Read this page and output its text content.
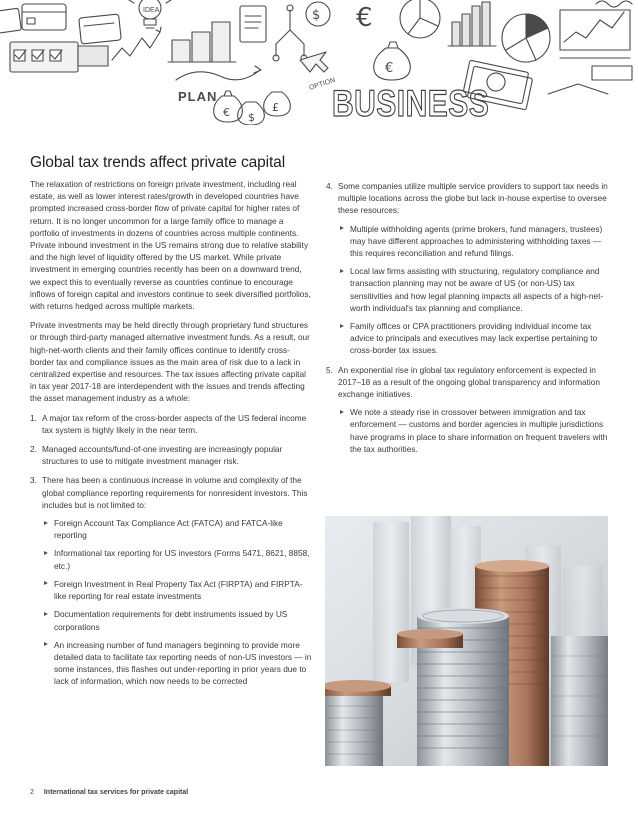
IDEA
PLAN
€ $
£
$
OPTION
€
€
BUSINESS
Global tax trends affect private capital

The relaxation of restrictions on foreign private investment, including real estate, as well as lower interest rates/growth in developed countries have prompted increased cross-border flow of private capital for higher rates of return. It is no longer uncommon for a large family office to manage a portfolio of investments in dozens of countries across multiple continents. Private inbound investment in the US remains strong due to relative stability and the high level of liquidity offered by the US market. While private investment in emerging countries recently has been on a downward trend, we expect this to eventually reverse as countries continue to encourage inflows of foreign capital and investors continue to seek diversified portfolios, with returns hedged across multiple markets.

Private investments may be held directly through proprietary fund structures or through third-party managed alternative investment funds. As a result, our high-net-worth clients and their family offices continue to identify cross-border tax and compliance issues as the main area of risk due to a lack in centralized expertise and resources. The tax issues affecting private capital in tax year 2017-18 are interdependent with the issues and trends affecting the asset management industry as a whole:

1. A major tax reform of the cross-border aspects of the US federal income tax system is highly likely in the near term.
2. Managed accounts/fund-of-one investing are increasingly popular structures to use to mitigate investment manager risk.
3. There has been a continuous increase in volume and complexity of the global compliance reporting requirements for nonresident investors. This includes but is not limited to:
Foreign Account Tax Compliance Act (FATCA) and FATCA-like reporting
Informational tax reporting for US investors (Forms 5471, 8621, 8858, etc.)
Foreign Investment in Real Property Tax Act (FIRPTA) and FIRPTA-like reporting for real estate investments
Documentation requirements for debt instruments issued by US corporations
An increasing number of fund managers beginning to provide more detailed data to facilitate tax reporting needs of non-US investors — in some instances, this flashes out under-reporting in prior years due to lack of information, which now needs to be corrected
4. Some companies utilize multiple service providers to support tax needs in multiple locations across the globe but lack in-house expertise to oversee these resources:
Multiple withholding agents (prime brokers, fund managers, trustees) may have different approaches to administering withholding taxes — this requires reconciliation and refund filings.
Local law firms assisting with structuring, regulatory compliance and transaction planning may not be aware of US (or non-US) tax sensitivities and how legal planning impacts all aspects of a high-net-worth individual's tax planning and compliance.
Family offices or CPA practitioners providing individual income tax advice to principals and executives may lack expertise pertaining to cross-border tax issues.
5. An exponential rise in global tax regulatory enforcement is expected in 2017–18 as a result of the ongoing global transparency and information exchange initiatives.
We note a steady rise in crossover between immigration and tax enforcement — customs and border agencies in multiple jurisdictions have programs in place to share information on frequent travelers with the tax authorities.
2 International tax services for private capital
